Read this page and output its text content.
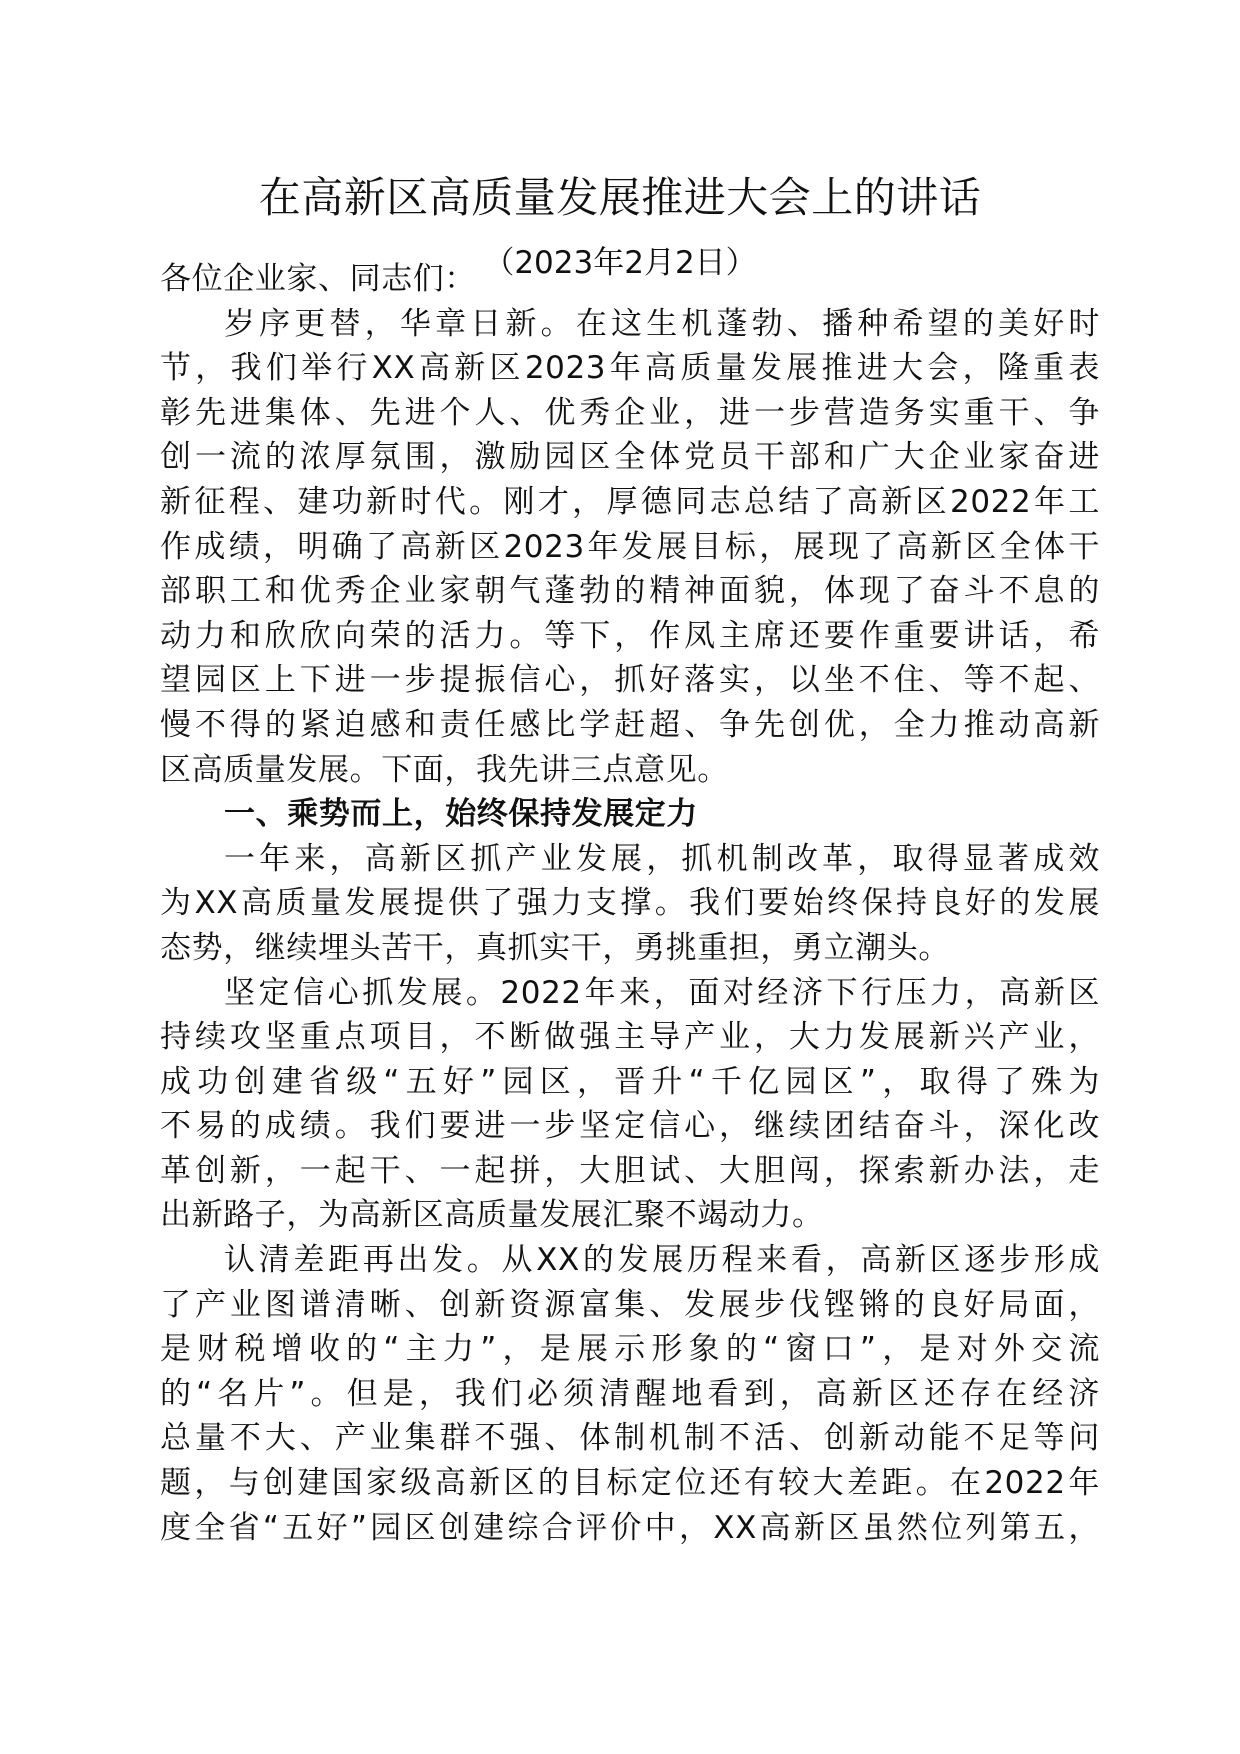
在高新区高质量发展推进大会上的讲话
（2023年2月2日）
各位企业家、同志们：
岁序更替，华章日新。在这生机蓬勃、播种希望的美好时
节，我们举行XX高新区2023年高质量发展推进大会，隆重表
彰先进集体、先进个人、优秀企业，进一步营造务实重干、争
创一流的浓厚氛围，激励园区全体党员干部和广大企业家奋进
新征程、建功新时代。刚才，厚德同志总结了高新区2022年工
作成绩，明确了高新区2023年发展目标，展现了高新区全体干
部职工和优秀企业家朝气蓬勃的精神面貌，体现了奋斗不息的
动力和欣欣向荣的活力。等下，作凤主席还要作重要讲话，希
望园区上下进一步提振信心，抓好落实，以坐不住、等不起、
慢不得的紧迫感和责任感比学赶超、争先创优，全力推动高新
区高质量发展。下面，我先讲三点意见。
一、乘势而上，始终保持发展定力
一年来，高新区抓产业发展，抓机制改革，取得显著成效
为XX高质量发展提供了强力支撑。我们要始终保持良好的发展
态势，继续埋头苦干，真抓实干，勇挑重担，勇立潮头。
坚定信心抓发展。2022年来，面对经济下行压力，高新区
持续攻坚重点项目，不断做强主导产业，大力发展新兴产业，
成功创建省级“五好”园区，晋升“千亿园区”，取得了殊为
不易的成绩。我们要进一步坚定信心，继续团结奋斗，深化改
革创新，一起干、一起拼，大胆试、大胆闯，探索新办法，走
出新路子，为高新区高质量发展汇聚不竭动力。
认清差距再出发。从XX的发展历程来看，高新区逐步形成
了产业图谱清晰、创新资源富集、发展步伐铿锵的良好局面，
是财税增收的“主力”，是展示形象的“窗口”，是对外交流
的“名片”。但是，我们必须清醒地看到，高新区还存在经济
总量不大、产业集群不强、体制机制不活、创新动能不足等问
题，与创建国家级高新区的目标定位还有较大差距。在2022年
度全省“五好”园区创建综合评价中，XX高新区虽然位列第五，
